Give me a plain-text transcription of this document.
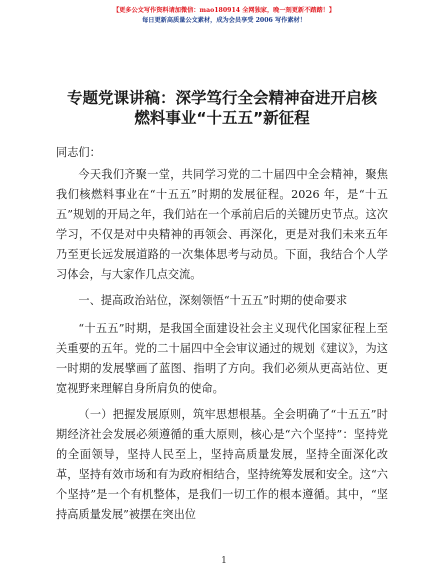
【更多公文写作资料请加微信：mao180914 全网独家，晚一刻更新不踏踏！】
每日更新高质量公文素材，成为会员享受 2006 写作素材！
专题党课讲稿：深学笃行全会精神奋进开启核
燃料事业“十五五”新征程

同志们：

今天我们齐聚一堂，共同学习党的二十届四中全会精神，聚焦我们核燃料事业在“十五五”时期的发展征程。2026 年，是“十五五”规划的开局之年，我们站在一个承前启后的关键历史节点。这次学习，不仅是对中央精神的再领会、再深化，更是对我们未来五年乃至更长远发展道路的一次集体思考与动员。下面，我结合个人学习体会，与大家作几点交流。

一、提高政治站位，深刻领悟“十五五”时期的使命要求

“十五五”时期，是我国全面建设社会主义现代化国家征程上至关重要的五年。党的二十届四中全会审议通过的规划《建议》，为这一时期的发展擘画了蓝图、指明了方向。我们必须从更高站位、更宽视野来理解自身所肩负的使命。

（一）把握发展原则，筑牢思想根基。全会明确了“十五五”时期经济社会发展必须遵循的重大原则，核心是“六个坚持”：坚持党的全面领导，坚持人民至上，坚持高质量发展，坚持全面深化改革，坚持有效市场和有为政府相结合，坚持统筹发展和安全。这“六个坚持”是一个有机整体，是我们一切工作的根本遵循。其中，“坚持高质量发展”被摆在突出位

1
